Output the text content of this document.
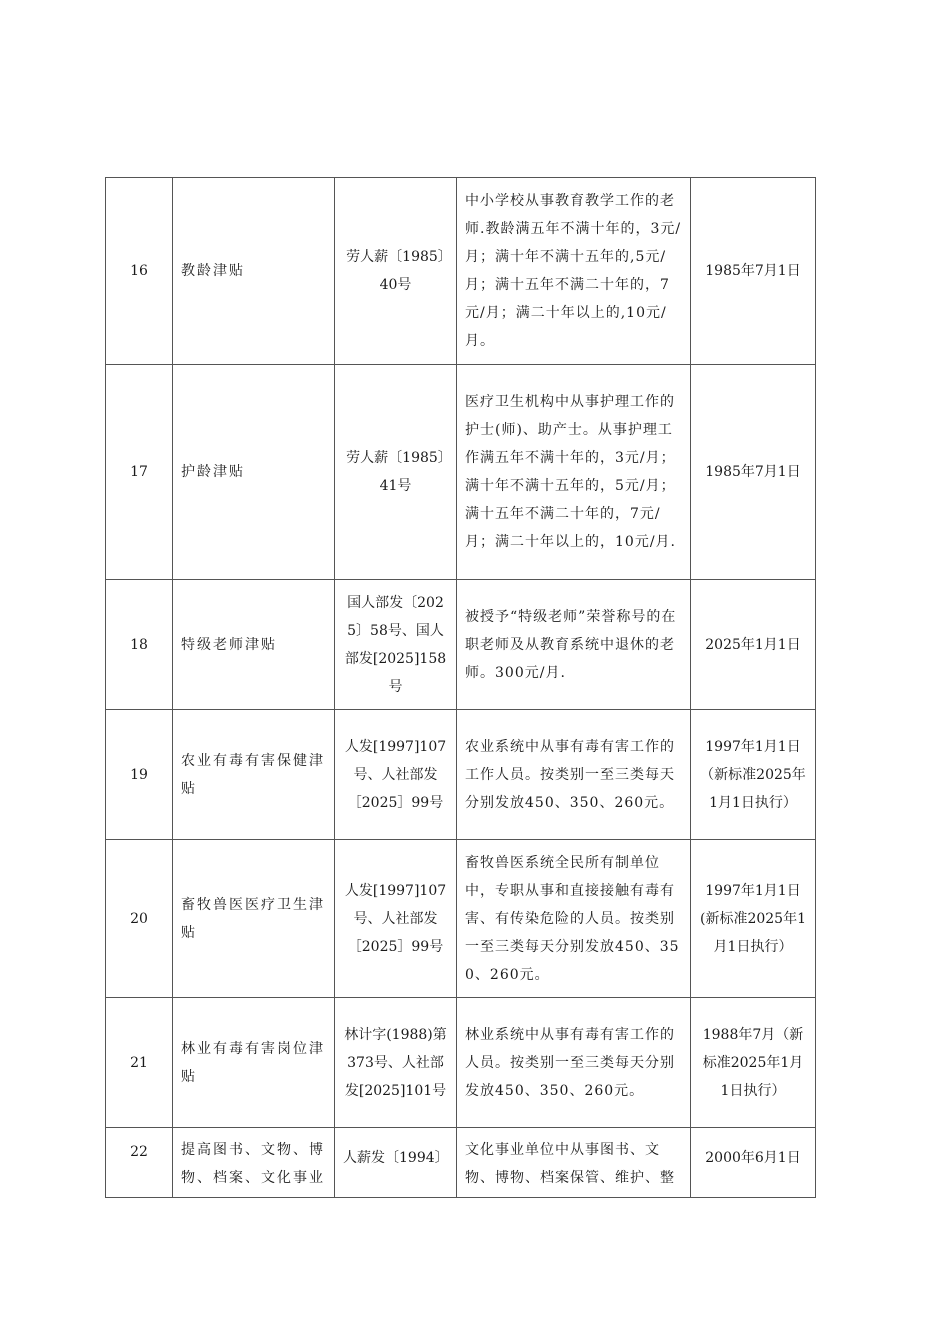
16	教龄津贴	劳人薪〔1985〕40号	中小学校从事教育教学工作的老师.教龄满五年不满十年的，3元/月；满十年不满十五年的,5元/月；满十五年不满二十年的，7元/月；满二十年以上的,10元/月。	1985年7月1日
17	护龄津贴	劳人薪〔1985〕41号	医疗卫生机构中从事护理工作的护士(师)、助产士。从事护理工作满五年不满十年的，3元/月；满十年不满十五年的，5元/月；满十五年不满二十年的，7元/月；满二十年以上的，10元/月.	1985年7月1日
18	特级老师津贴	国人部发〔2025〕58号、国人部发[2025]158号	被授予“特级老师”荣誉称号的在职老师及从教育系统中退休的老师。300元/月.	2025年1月1日
19	农业有毒有害保健津贴	人发[1997]107号、人社部发［2025］99号	农业系统中从事有毒有害工作的工作人员。按类别一至三类每天分别发放450、350、260元。	1997年1月1日（新标准2025年1月1日执行）
20	畜牧兽医医疗卫生津贴	人发[1997]107号、人社部发［2025］99号	畜牧兽医系统全民所有制单位中，专职从事和直接接触有毒有害、有传染危险的人员。按类别一至三类每天分别发放450、350、260元。	1997年1月1日(新标准2025年1月1日执行）
21	林业有毒有害岗位津贴	林计字(1988)第373号、人社部发[2025]101号	林业系统中从事有毒有害工作的人员。按类别一至三类每天分别发放450、350、260元。	1988年7月（新标准2025年1月1日执行）
22	提高图书、文物、博物、档案、文化事业	人薪发〔1994〕	文化事业单位中从事图书、文物、博物、档案保管、维护、整	2000年6月1日
